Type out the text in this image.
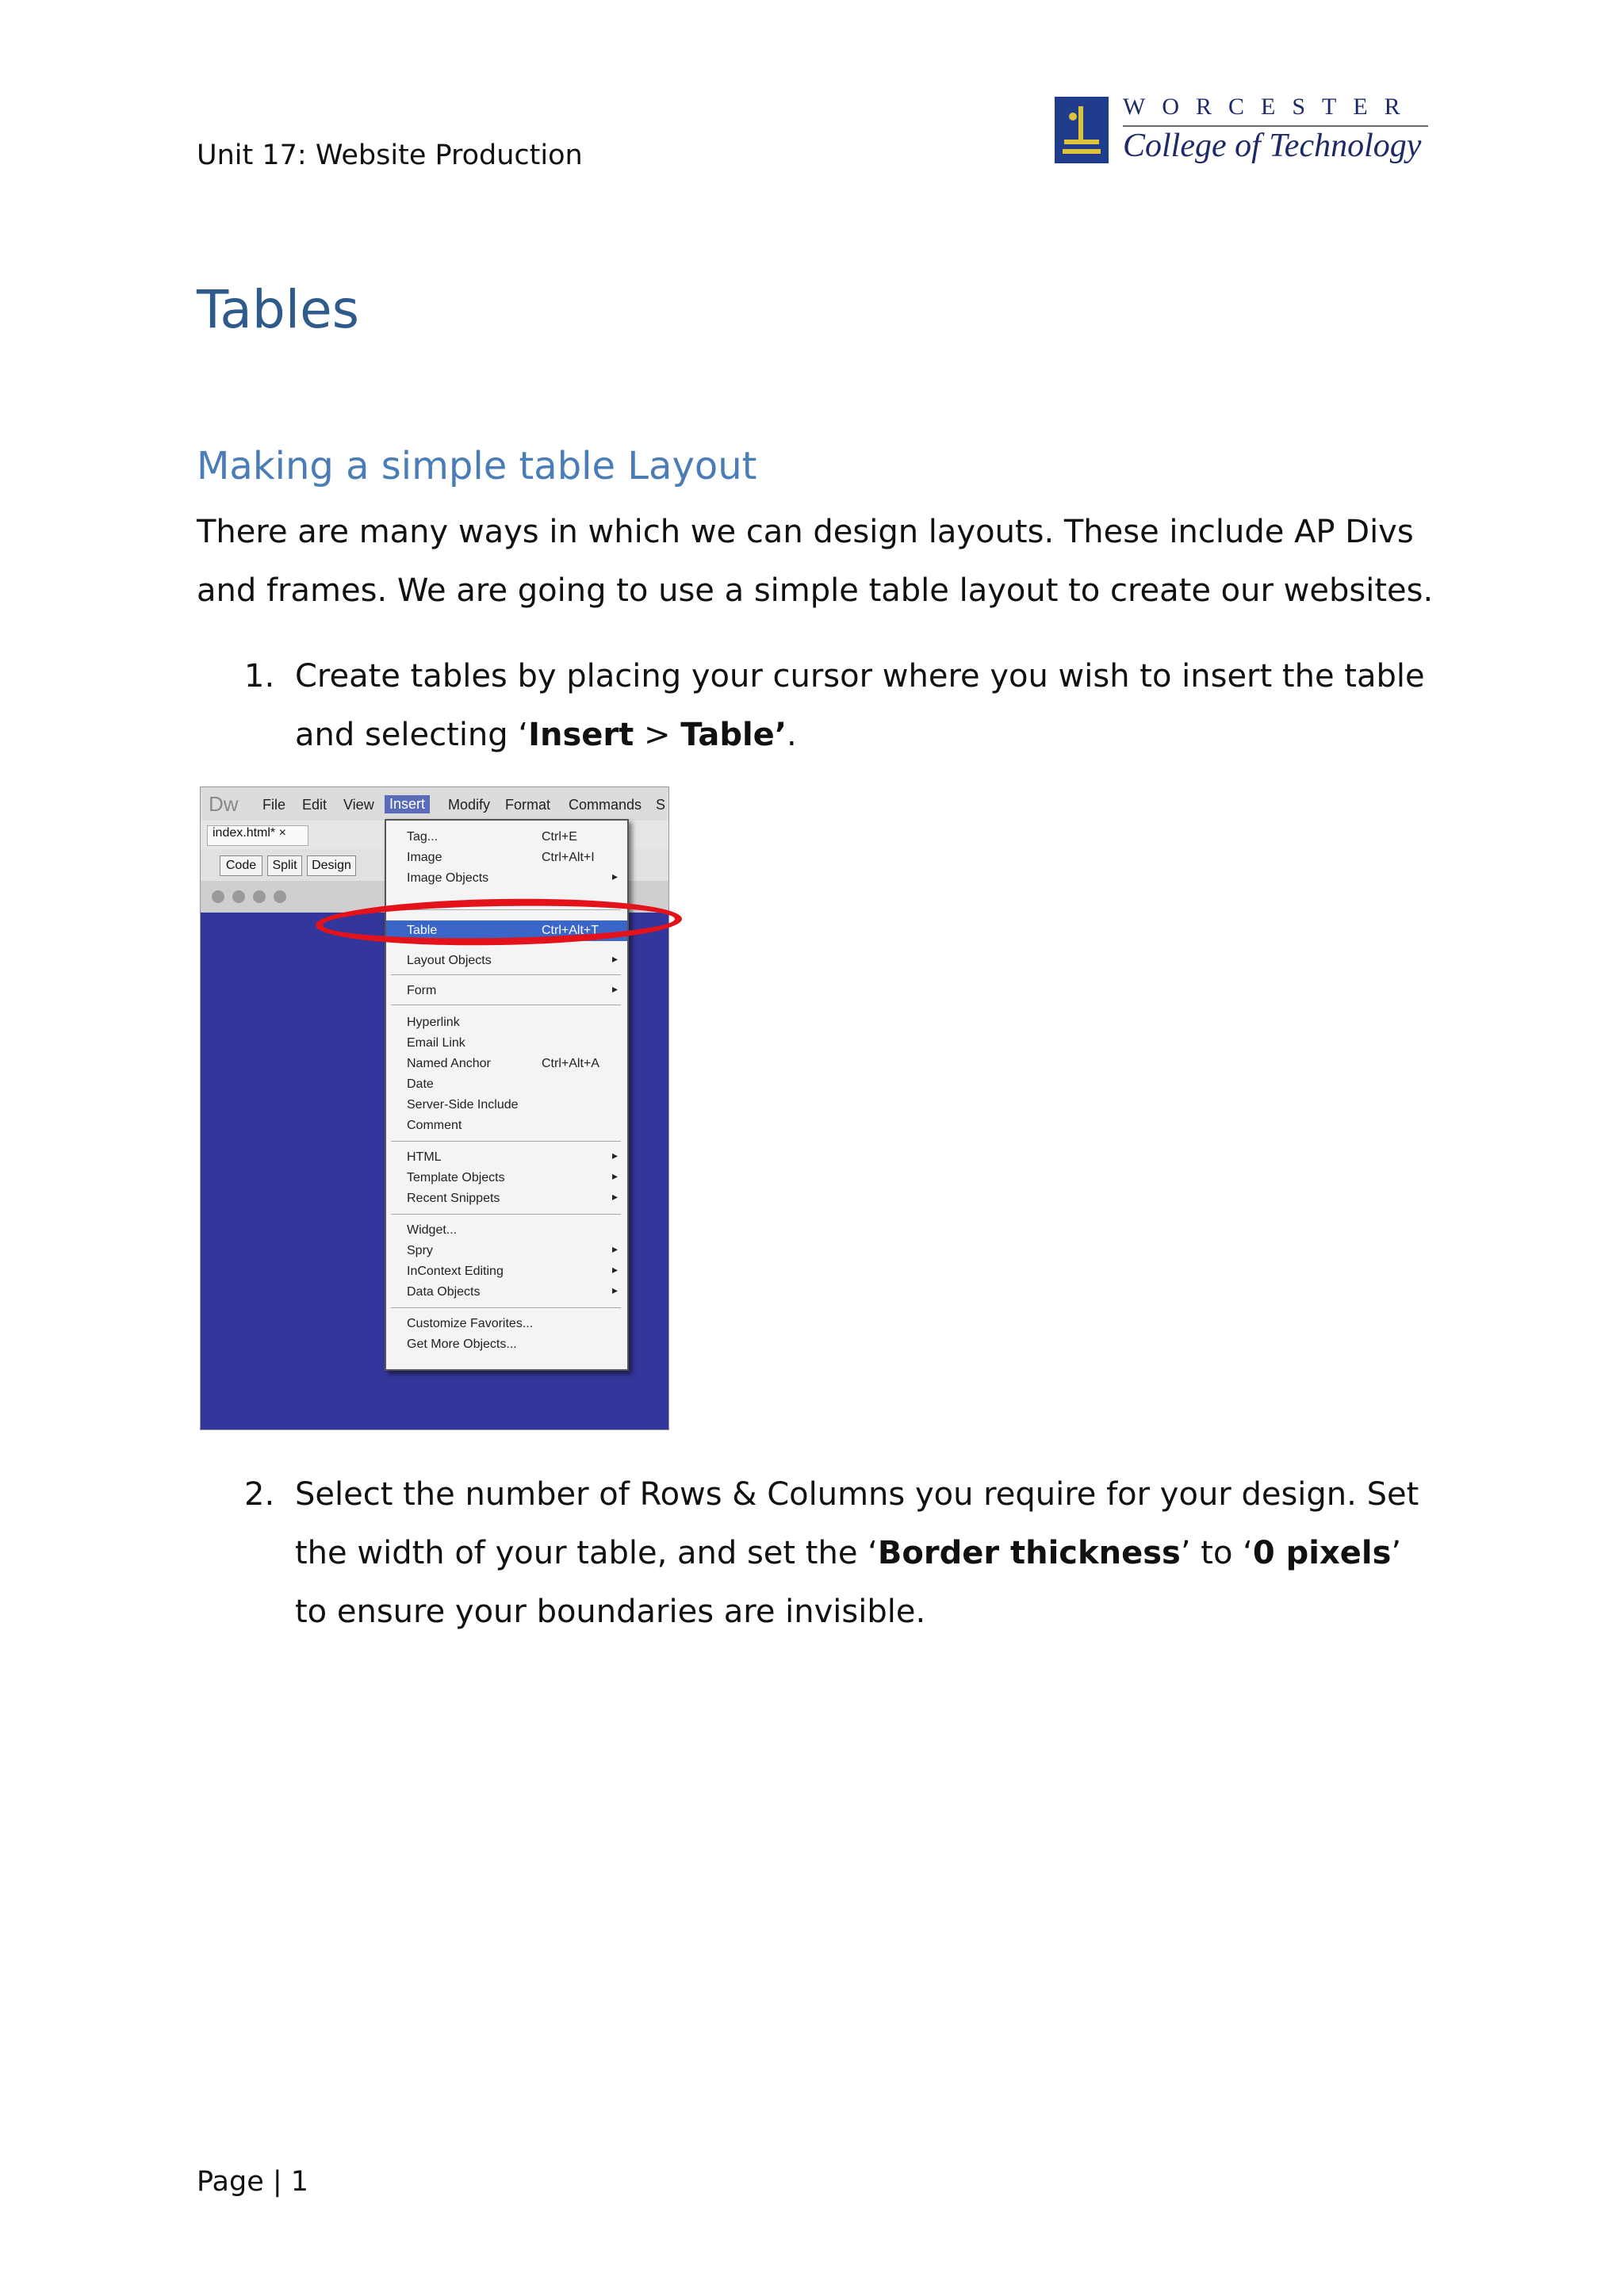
Unit 17: Website Production
WORCESTER
College of Technology
Tables
Making a simple table Layout
There are many ways in which we can design layouts. These include AP Divs and frames. We are going to use a simple table layout to create our websites.
1. Create tables by placing your cursor where you wish to insert the table and selecting ‘Insert > Table’.
Dw File Edit View	Insert	Modify Format Commands S
index.html* ×
Code	Split	Design
Tag...	Ctrl+E
Image	Ctrl+Alt+I
Image Objects	▸
Table	Ctrl+Alt+T
Layout Objects	▸
Form	▸
Hyperlink
Email Link
Named Anchor	Ctrl+Alt+A
Date
Server-Side Include
Comment
HTML	▸
Template Objects	▸
Recent Snippets	▸
Widget...
Spry	▸
InContext Editing	▸
Data Objects	▸
Customize Favorites...
Get More Objects...
2. Select the number of Rows & Columns you require for your design. Set the width of your table, and set the ‘Border thickness’ to ‘0 pixels’ to ensure your boundaries are invisible.
Page | 1
